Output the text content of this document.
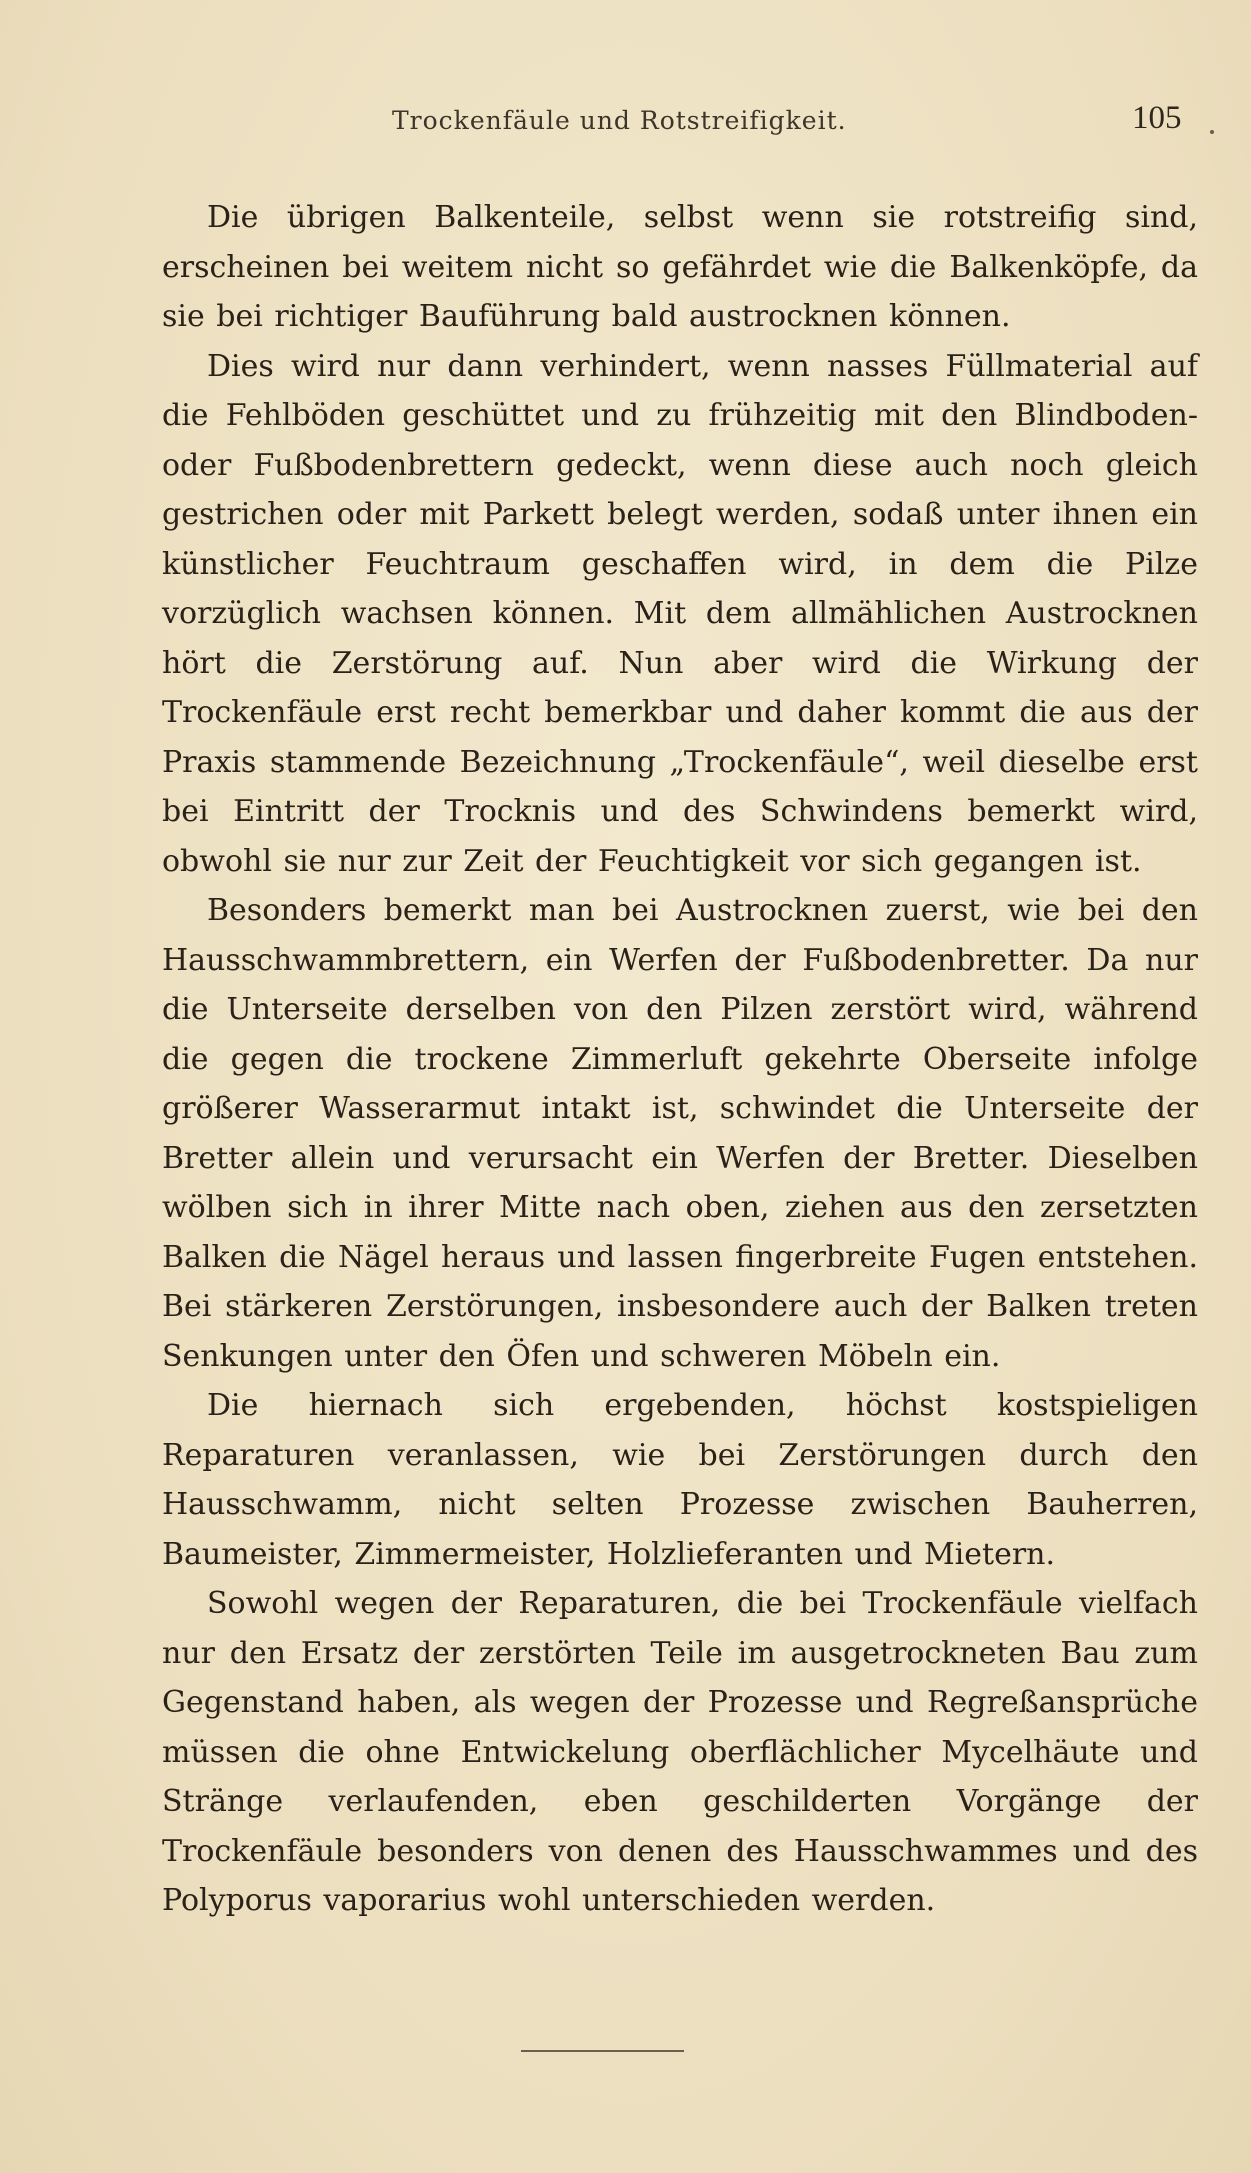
Trockenfäule und Rotstreifigkeit.	105

Die übrigen Balkenteile, selbst wenn sie rotstreifig sind, erscheinen bei weitem nicht so gefährdet wie die Balkenköpfe, da sie bei richtiger Bauführung bald austrocknen können.

Dies wird nur dann verhindert, wenn nasses Füllmaterial auf die Fehlböden geschüttet und zu frühzeitig mit den Blindboden- oder Fußbodenbrettern gedeckt, wenn diese auch noch gleich gestrichen oder mit Parkett belegt werden, sodaß unter ihnen ein künstlicher Feuchtraum geschaffen wird, in dem die Pilze vorzüglich wachsen können. Mit dem allmählichen Austrocknen hört die Zerstörung auf. Nun aber wird die Wirkung der Trockenfäule erst recht bemerkbar und daher kommt die aus der Praxis stammende Bezeichnung „Trockenfäule“, weil dieselbe erst bei Eintritt der Trocknis und des Schwindens bemerkt wird, obwohl sie nur zur Zeit der Feuchtigkeit vor sich gegangen ist.

Besonders bemerkt man bei Austrocknen zuerst, wie bei den Hausschwammbrettern, ein Werfen der Fußbodenbretter. Da nur die Unterseite derselben von den Pilzen zerstört wird, während die gegen die trockene Zimmerluft gekehrte Oberseite infolge größerer Wasserarmut intakt ist, schwindet die Unterseite der Bretter allein und verursacht ein Werfen der Bretter. Dieselben wölben sich in ihrer Mitte nach oben, ziehen aus den zersetzten Balken die Nägel heraus und lassen fingerbreite Fugen entstehen. Bei stärkeren Zerstörungen, insbesondere auch der Balken treten Senkungen unter den Öfen und schweren Möbeln ein.

Die hiernach sich ergebenden, höchst kostspieligen Reparaturen veranlassen, wie bei Zerstörungen durch den Hausschwamm, nicht selten Prozesse zwischen Bauherren, Baumeister, Zimmermeister, Holzlieferanten und Mietern.

Sowohl wegen der Reparaturen, die bei Trockenfäule vielfach nur den Ersatz der zerstörten Teile im ausgetrockneten Bau zum Gegenstand haben, als wegen der Prozesse und Regreßansprüche müssen die ohne Entwickelung oberflächlicher Mycelhäute und Stränge verlaufenden, eben geschilderten Vorgänge der Trockenfäule besonders von denen des Hausschwammes und des Polyporus vaporarius wohl unterschieden werden.
